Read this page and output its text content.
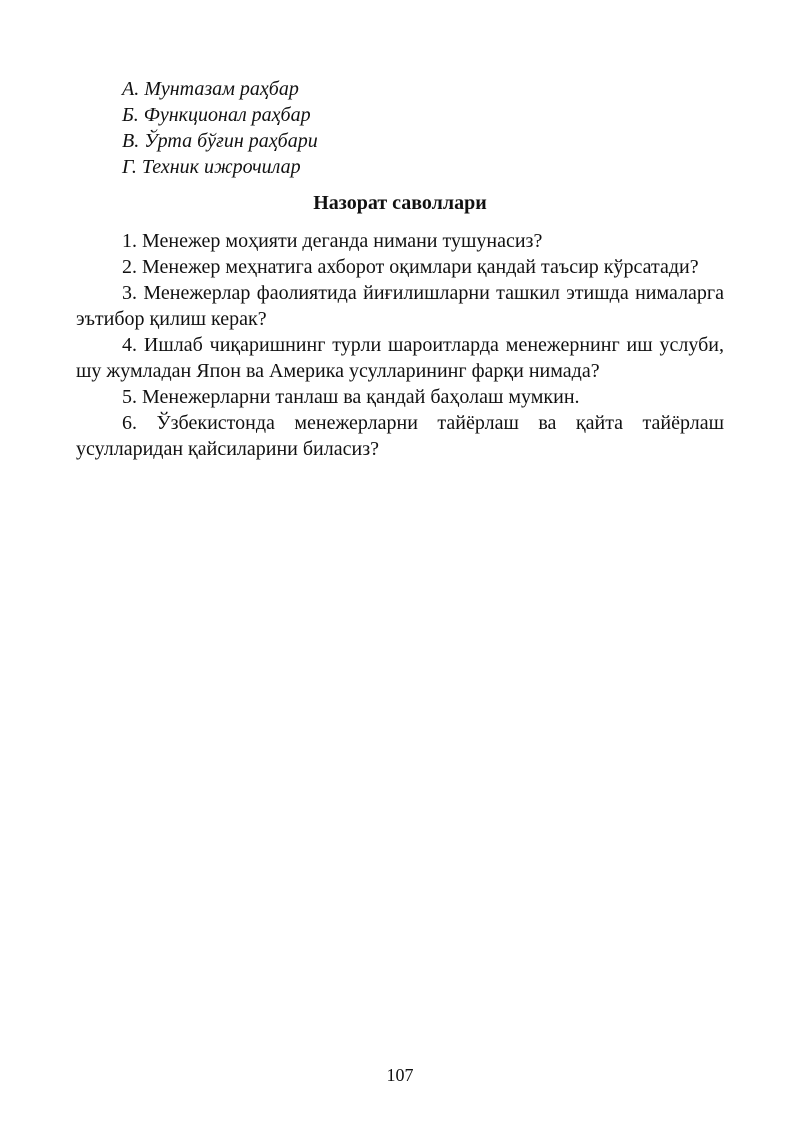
А. Мунтазам раҳбар
Б. Функционал раҳбар
В. Ўрта бўғин раҳбари
Г. Техник ижрочилар
Назорат саволлари

1. Менежер моҳияти деганда нимани тушунасиз?

2. Менежер меҳнатига ахборот оқимлари қандай таъсир кўрсатади?

3. Менежерлар фаолиятида йиғилишларни ташкил этишда нималарга эътибор қилиш керак?

4. Ишлаб чиқаришнинг турли шароитларда менежернинг иш услуби, шу жумладан Япон ва Америка усулларининг фарқи нимада?

5. Менежерларни танлаш ва қандай баҳолаш мумкин.

6. Ўзбекистонда менежерларни тайёрлаш ва қайта тайёрлаш усулларидан қайсиларини биласиз?

107
